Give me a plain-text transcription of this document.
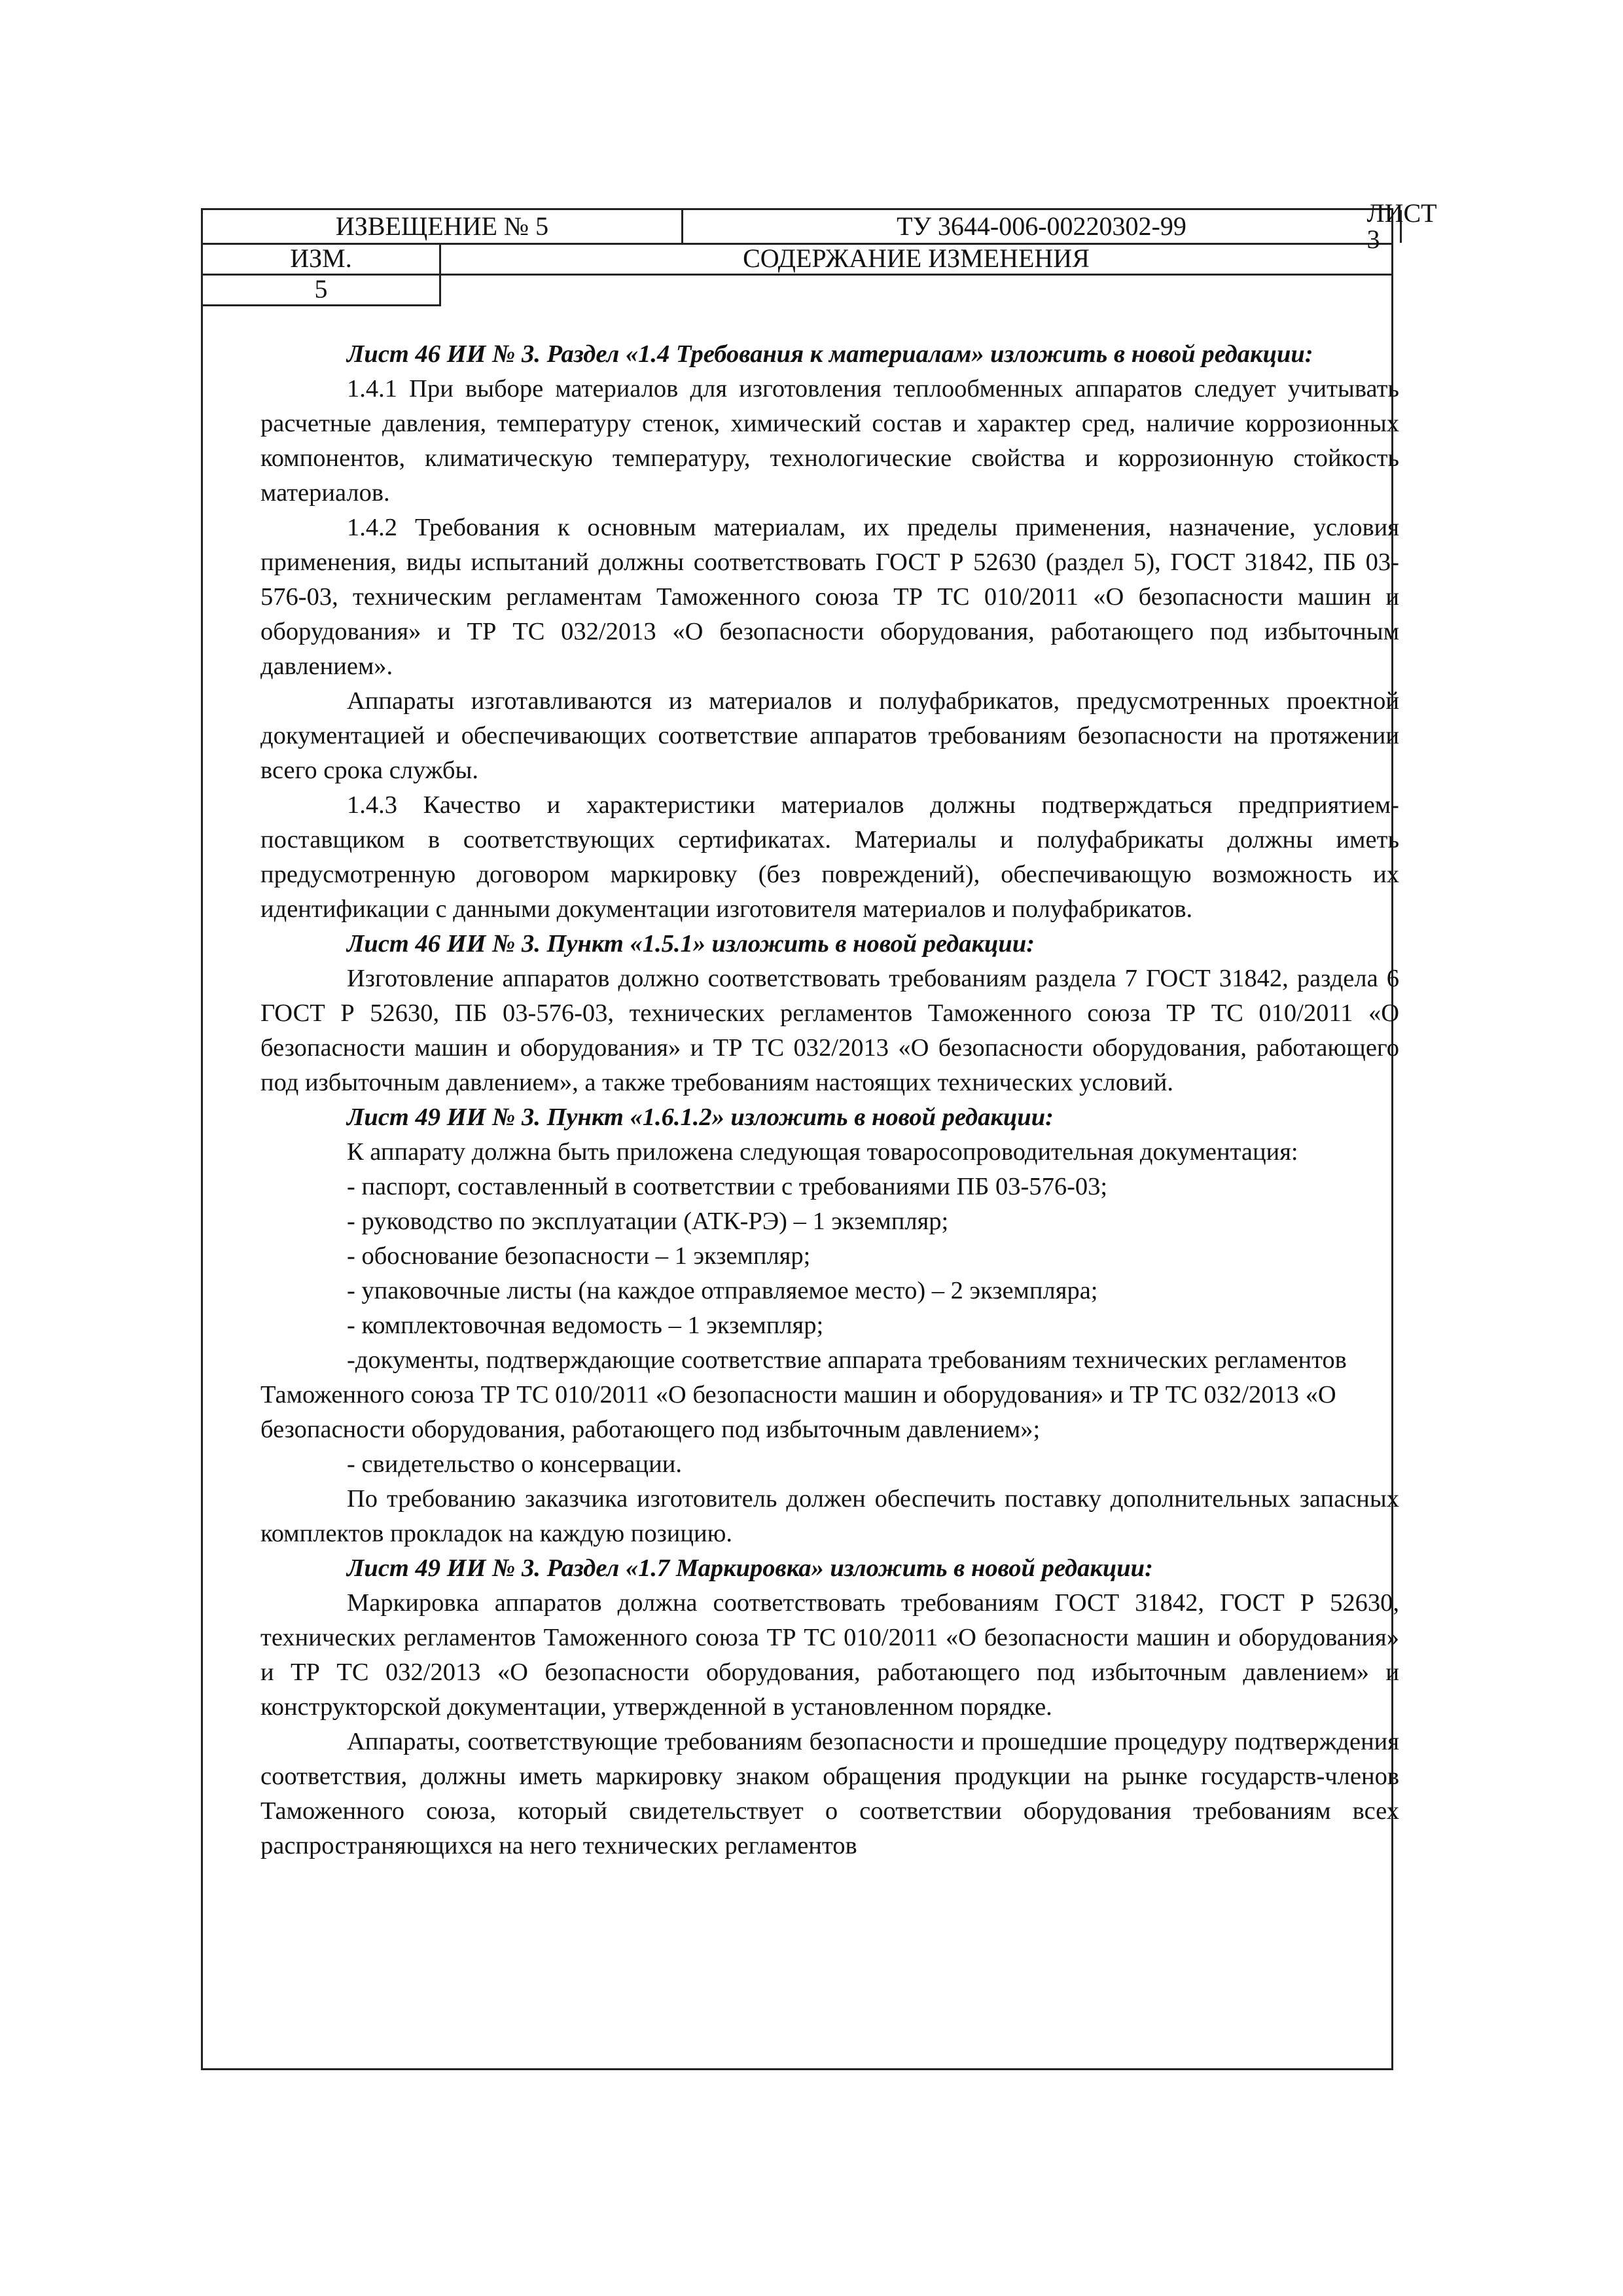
ИЗВЕЩЕНИЕ № 5	ТУ 3644-006-00220302-99	ЛИСТ 3
ИЗМ.	СОДЕРЖАНИЕ ИЗМЕНЕНИЯ
5

Лист 46 ИИ № 3. Раздел «1.4 Требования к материалам» изложить в новой редакции:

1.4.1 При выборе материалов для изготовления теплообменных аппаратов следует учитывать расчетные давления, температуру стенок, химический состав и характер сред, наличие коррозионных компонентов, климатическую температуру, технологические свойства и коррозионную стойкость материалов.

1.4.2 Требования к основным материалам, их пределы применения, назначение, условия применения, виды испытаний должны соответствовать ГОСТ Р 52630 (раздел 5), ГОСТ 31842, ПБ 03-576-03, техническим регламентам Таможенного союза ТР ТС 010/2011 «О безопасности машин и оборудования» и ТР ТС 032/2013 «О безопасности оборудования, работающего под избыточным давлением».

Аппараты изготавливаются из материалов и полуфабрикатов, предусмотренных проектной документацией и обеспечивающих соответствие аппаратов требованиям безопасности на протяжении всего срока службы.

1.4.3 Качество и характеристики материалов должны подтверждаться предприятием-поставщиком в соответствующих сертификатах. Материалы и полуфабрикаты должны иметь предусмотренную договором маркировку (без повреждений), обеспечивающую возможность их идентификации с данными документации изготовителя материалов и полуфабрикатов.

Лист 46 ИИ № 3. Пункт «1.5.1» изложить в новой редакции:

Изготовление аппаратов должно соответствовать требованиям раздела 7 ГОСТ 31842, раздела 6 ГОСТ Р 52630, ПБ 03-576-03, технических регламентов Таможенного союза ТР ТС 010/2011 «О безопасности машин и оборудования» и ТР ТС 032/2013 «О безопасности оборудования, работающего под избыточным давлением», а также требованиям настоящих технических условий.

Лист 49 ИИ № 3. Пункт «1.6.1.2» изложить в новой редакции:

К аппарату должна быть приложена следующая товаросопроводительная документация:

- паспорт, составленный в соответствии с требованиями ПБ 03-576-03;

- руководство по эксплуатации (АТК-РЭ) – 1 экземпляр;

- обоснование безопасности – 1 экземпляр;

- упаковочные листы (на каждое отправляемое место) – 2 экземпляра;

- комплектовочная ведомость – 1 экземпляр;

-документы, подтверждающие соответствие аппарата требованиям технических регламентов Таможенного союза ТР ТС 010/2011 «О безопасности машин и оборудования» и ТР ТС 032/2013 «О безопасности оборудования, работающего под избыточным давлением»;

- свидетельство о консервации.

По требованию заказчика изготовитель должен обеспечить поставку дополнительных запасных комплектов прокладок на каждую позицию.

Лист 49 ИИ № 3. Раздел «1.7 Маркировка» изложить в новой редакции:

Маркировка аппаратов должна соответствовать требованиям ГОСТ 31842, ГОСТ Р 52630, технических регламентов Таможенного союза ТР ТС 010/2011 «О безопасности машин и оборудования» и ТР ТС 032/2013 «О безопасности оборудования, работающего под избыточным давлением» и конструкторской документации, утвержденной в установленном порядке.

Аппараты, соответствующие требованиям безопасности и прошедшие процедуру подтверждения соответствия, должны иметь маркировку знаком обращения продукции на рынке государств-членов Таможенного союза, который свидетельствует о соответствии оборудования требованиям всех распространяющихся на него технических регламентов
